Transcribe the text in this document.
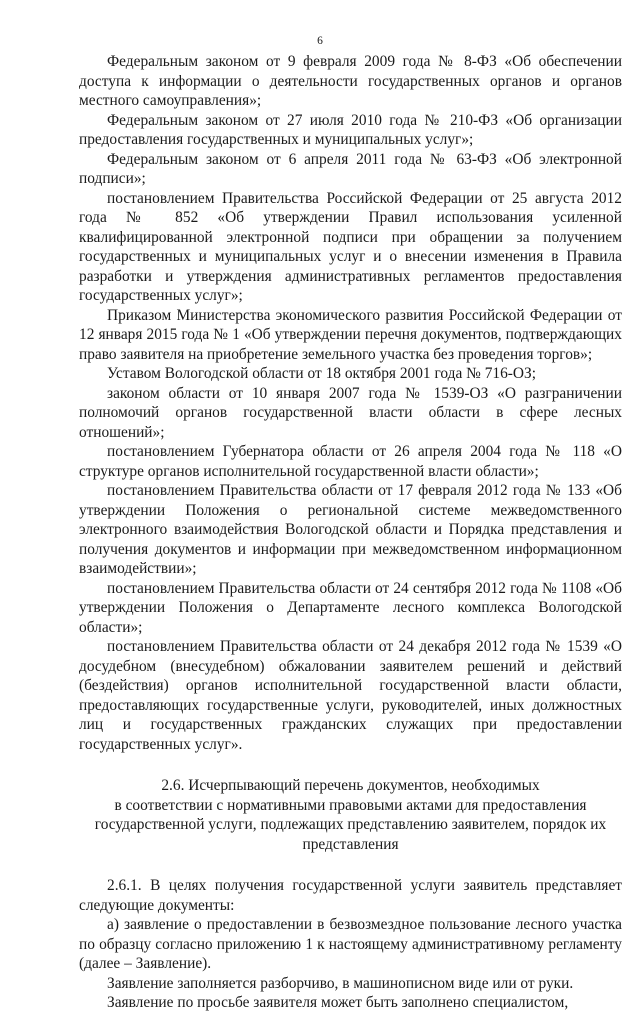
6

Федеральным законом от 9 февраля 2009 года № 8-ФЗ «Об обеспечении доступа к информации о деятельности государственных органов и органов местного самоуправления»;

Федеральным законом от 27 июля 2010 года № 210-ФЗ «Об организации предоставления государственных и муниципальных услуг»;

Федеральным законом от 6 апреля 2011 года № 63-ФЗ «Об электронной подписи»;

постановлением Правительства Российской Федерации от 25 августа 2012 года № 852 «Об утверждении Правил использования усиленной квалифицированной электронной подписи при обращении за получением государственных и муниципальных услуг и о внесении изменения в Правила разработки и утверждения административных регламентов предоставления государственных услуг»;

Приказом Министерства экономического развития Российской Федерации от 12 января 2015 года № 1 «Об утверждении перечня документов, подтверждающих право заявителя на приобретение земельного участка без проведения торгов»;

Уставом Вологодской области от 18 октября 2001 года № 716-ОЗ;

законом области от 10 января 2007 года № 1539-ОЗ «О разграничении полномочий органов государственной власти области в сфере лесных отношений»;

постановлением Губернатора области от 26 апреля 2004 года № 118 «О структуре органов исполнительной государственной власти области»;

постановлением Правительства области от 17 февраля 2012 года № 133 «Об утверждении Положения о региональной системе межведомственного электронного взаимодействия Вологодской области и Порядка представления и получения документов и информации при межведомственном информационном взаимодействии»;

постановлением Правительства области от 24 сентября 2012 года № 1108 «Об утверждении Положения о Департаменте лесного комплекса Вологодской области»;

постановлением Правительства области от 24 декабря 2012 года № 1539 «О досудебном (внесудебном) обжаловании заявителем решений и действий (бездействия) органов исполнительной государственной власти области, предоставляющих государственные услуги, руководителей, иных должностных лиц и государственных гражданских служащих при предоставлении государственных услуг».

2.6. Исчерпывающий перечень документов, необходимых
в соответствии с нормативными правовыми актами для предоставления
государственной услуги, подлежащих представлению заявителем, порядок их
представления

2.6.1. В целях получения государственной услуги заявитель представляет следующие документы:

а) заявление о предоставлении в безвозмездное пользование лесного участка по образцу согласно приложению 1 к настоящему административному регламенту (далее – Заявление).

Заявление заполняется разборчиво, в машинописном виде или от руки.

Заявление по просьбе заявителя может быть заполнено специалистом,
